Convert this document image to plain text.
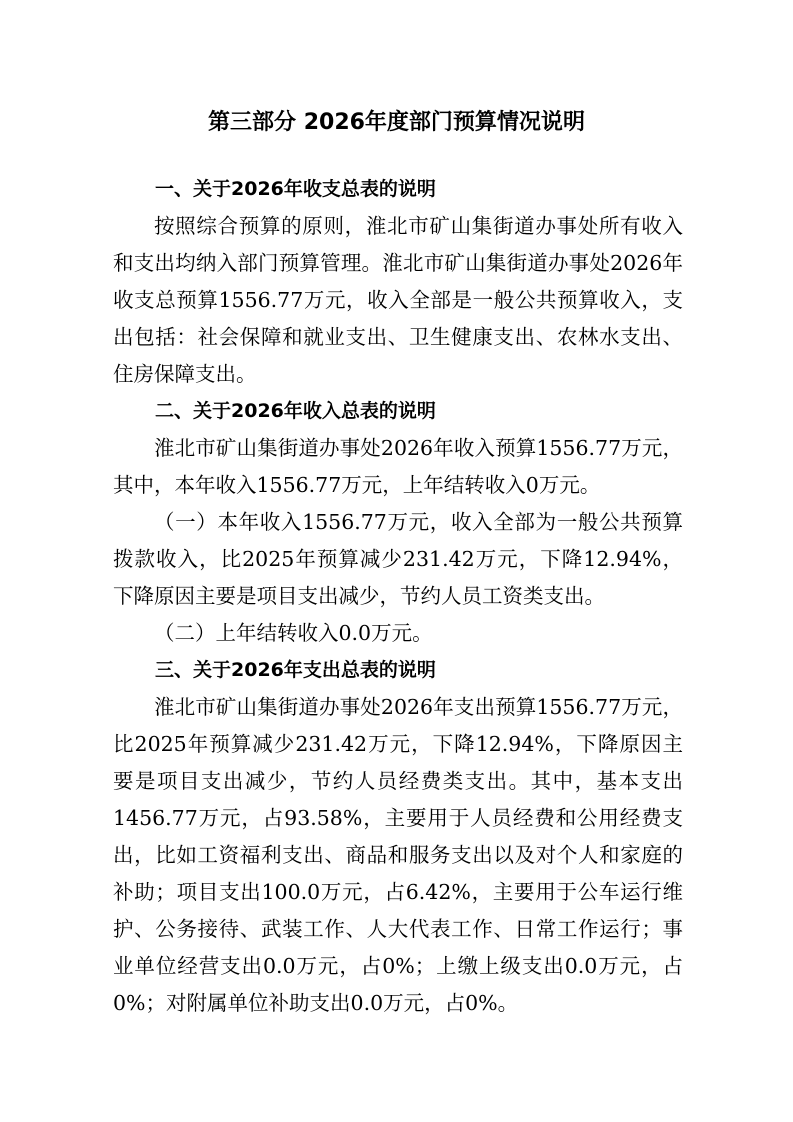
第三部分 2026年度部门预算情况说明
一、关于2026年收支总表的说明

按照综合预算的原则，淮北市矿山集街道办事处所有收入和支出均纳入部门预算管理。淮北市矿山集街道办事处2026年收支总预算1556.77万元，收入全部是一般公共预算收入，支出包括：社会保障和就业支出、卫生健康支出、农林水支出、住房保障支出。

二、关于2026年收入总表的说明

淮北市矿山集街道办事处2026年收入预算1556.77万元，其中，本年收入1556.77万元，上年结转收入0万元。

（一）本年收入1556.77万元，收入全部为一般公共预算拨款收入，比2025年预算减少231.42万元，下降12.94%，下降原因主要是项目支出减少，节约人员工资类支出。

（二）上年结转收入0.0万元。

三、关于2026年支出总表的说明

淮北市矿山集街道办事处2026年支出预算1556.77万元，比2025年预算减少231.42万元，下降12.94%，下降原因主要是项目支出减少，节约人员经费类支出。其中，基本支出1456.77万元，占93.58%，主要用于人员经费和公用经费支出，比如工资福利支出、商品和服务支出以及对个人和家庭的补助；项目支出100.0万元，占6.42%，主要用于公车运行维护、公务接待、武装工作、人大代表工作、日常工作运行；事业单位经营支出0.0万元，占0%；上缴上级支出0.0万元，占0%；对附属单位补助支出0.0万元，占0%。
